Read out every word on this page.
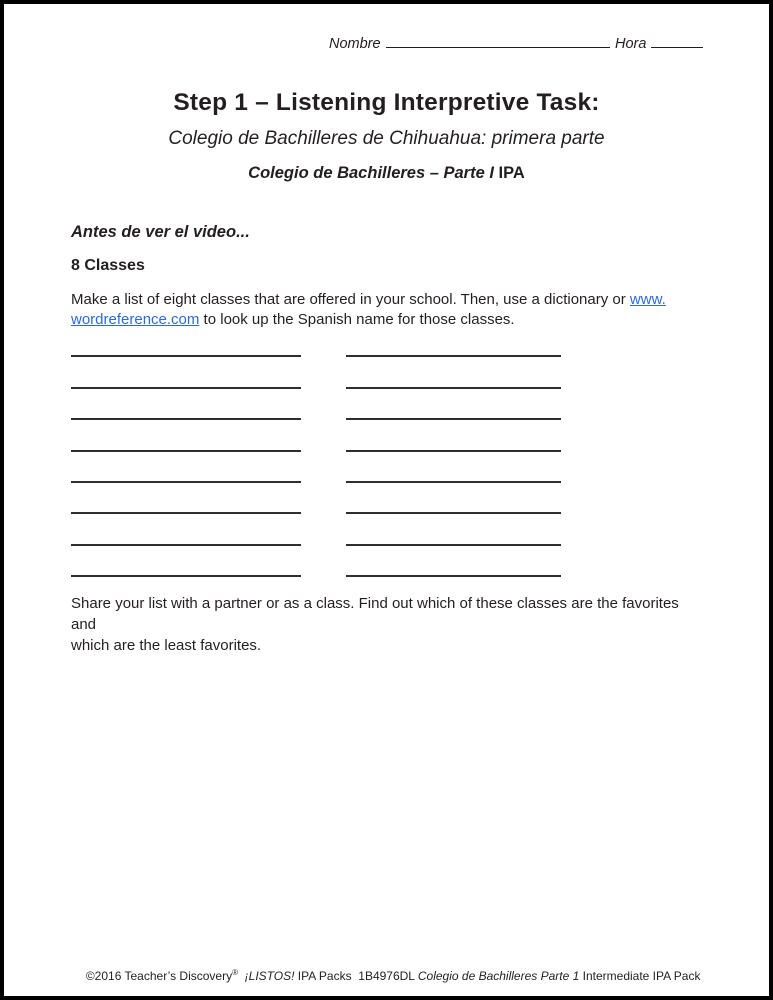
Nombre	Hora
Step 1 – Listening Interpretive Task:
Colegio de Bachilleres de Chihuahua: primera parte
Colegio de Bachilleres – Parte I IPA
Antes de ver el video...
8 Classes
Make a list of eight classes that are offered in your school. Then, use a dictionary or www.
wordreference.com to look up the Spanish name for those classes.
Share your list with a partner or as a class. Find out which of these classes are the favorites and
which are the least favorites.

©2016 Teacher’s Discovery®  ¡LISTOS! IPA Packs  1B4976DL Colegio de Bachilleres Parte 1 Intermediate IPA Pack
